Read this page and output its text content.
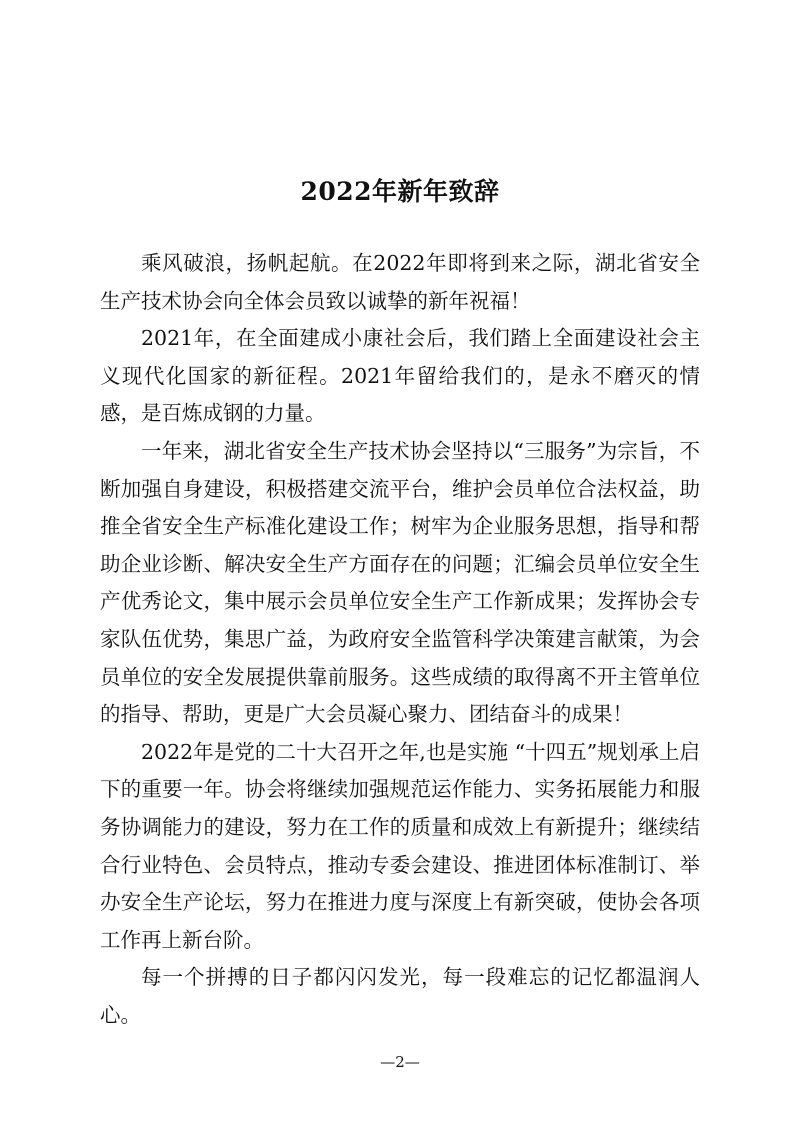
2022年新年致辞

乘风破浪，扬帆起航。在2022年即将到来之际，湖北省安全生产技术协会向全体会员致以诚挚的新年祝福！

2021年，在全面建成小康社会后，我们踏上全面建设社会主义现代化国家的新征程。2021年留给我们的，是永不磨灭的情感，是百炼成钢的力量。

一年来，湖北省安全生产技术协会坚持以“三服务”为宗旨，不断加强自身建设，积极搭建交流平台，维护会员单位合法权益，助推全省安全生产标准化建设工作；树牢为企业服务思想，指导和帮助企业诊断、解决安全生产方面存在的问题；汇编会员单位安全生产优秀论文，集中展示会员单位安全生产工作新成果；发挥协会专家队伍优势，集思广益，为政府安全监管科学决策建言献策，为会员单位的安全发展提供靠前服务。这些成绩的取得离不开主管单位的指导、帮助，更是广大会员凝心聚力、团结奋斗的成果！

2022年是党的二十大召开之年,也是实施 “十四五”规划承上启下的重要一年。协会将继续加强规范运作能力、实务拓展能力和服务协调能力的建设，努力在工作的质量和成效上有新提升；继续结合行业特色、会员特点，推动专委会建设、推进团体标准制订、举办安全生产论坛，努力在推进力度与深度上有新突破，使协会各项工作再上新台阶。

每一个拼搏的日子都闪闪发光，每一段难忘的记忆都温润人心。

—2—
